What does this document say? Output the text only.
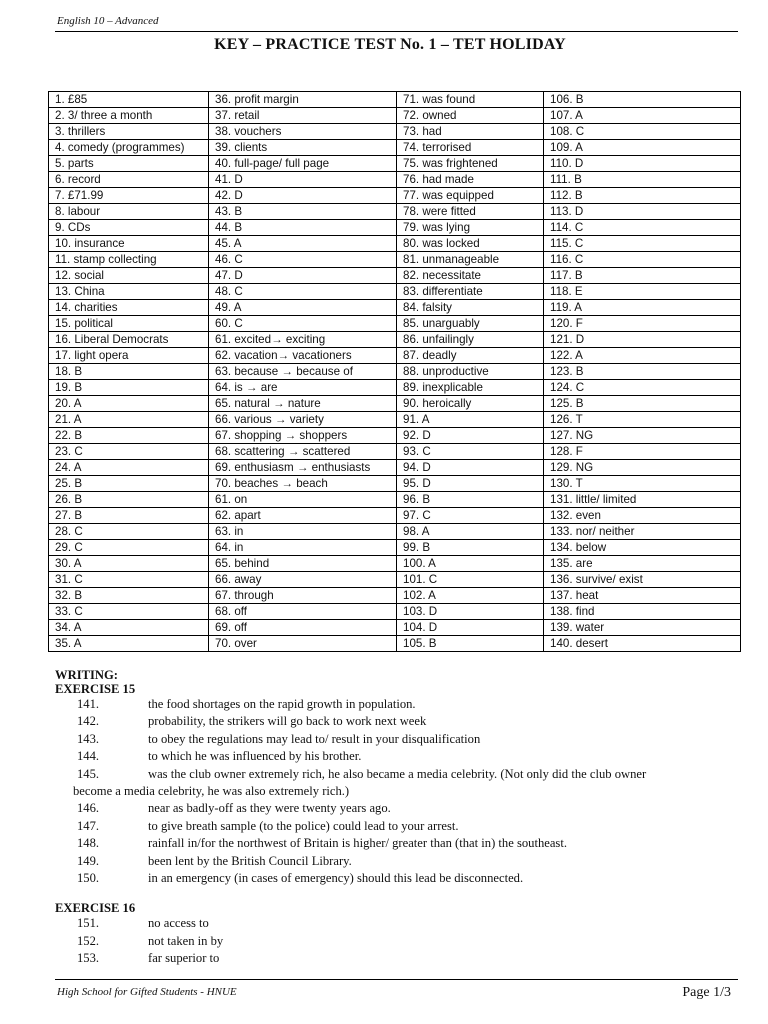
English 10 – Advanced
KEY – PRACTICE TEST No. 1 – TET HOLIDAY
1. £85	36. profit margin	71. was found	106. B
2. 3/ three a month	37. retail	72. owned	107. A
3. thrillers	38. vouchers	73. had	108. C
4. comedy (programmes)	39. clients	74. terrorised	109. A
5. parts	40. full-page/ full page	75. was frightened	110. D
6. record	41. D	76. had made	111. B
7. £71.99	42. D	77. was equipped	112. B
8. labour	43. B	78. were fitted	113. D
9. CDs	44. B	79. was lying	114. C
10. insurance	45. A	80. was locked	115. C
11. stamp collecting	46. C	81. unmanageable	116. C
12. social	47. D	82. necessitate	117. B
13. China	48. C	83. differentiate	118. E
14. charities	49. A	84. falsity	119. A
15. political	60. C	85. unarguably	120. F
16. Liberal Democrats	61. excited→ exciting	86. unfailingly	121. D
17. light opera	62. vacation→ vacationers	87. deadly	122. A
18. B	63. because → because of	88. unproductive	123. B
19. B	64. is → are	89. inexplicable	124. C
20. A	65. natural → nature	90. heroically	125. B
21. A	66. various → variety	91. A	126. T
22. B	67. shopping → shoppers	92. D	127. NG
23. C	68. scattering → scattered	93. C	128. F
24. A	69. enthusiasm → enthusiasts	94. D	129. NG
25. B	70. beaches → beach	95. D	130. T
26. B	61. on	96. B	131. little/ limited
27. B	62. apart	97. C	132. even
28. C	63. in	98. A	133. nor/ neither
29. C	64. in	99. B	134. below
30. A	65. behind	100. A	135. are
31. C	66. away	101. C	136. survive/ exist
32. B	67. through	102. A	137. heat
33. C	68. off	103. D	138. find
34. A	69. off	104. D	139. water
35. A	70. over	105. B	140. desert
WRITING:
EXERCISE 15
141.	the food shortages on the rapid growth in population.
142.	probability, the strikers will go back to work next week
143.	to obey the regulations may lead to/ result in your disqualification
144.	to which he was influenced by his brother.
145.	was the club owner extremely rich, he also became a media celebrity. (Not only did the club owner
become a media celebrity, he was also extremely rich.)
146.	near as badly-off as they were twenty years ago.
147.	to give breath sample (to the police) could lead to your arrest.
148.	rainfall in/for the northwest of Britain is higher/ greater than (that in) the southeast.
149.	been lent by the British Council Library.
150.	in an emergency (in cases of emergency) should this lead be disconnected.
EXERCISE 16
151.	no access to
152.	not taken in by
153.	far superior to
High School for Gifted Students - HNUE	Page 1/3
